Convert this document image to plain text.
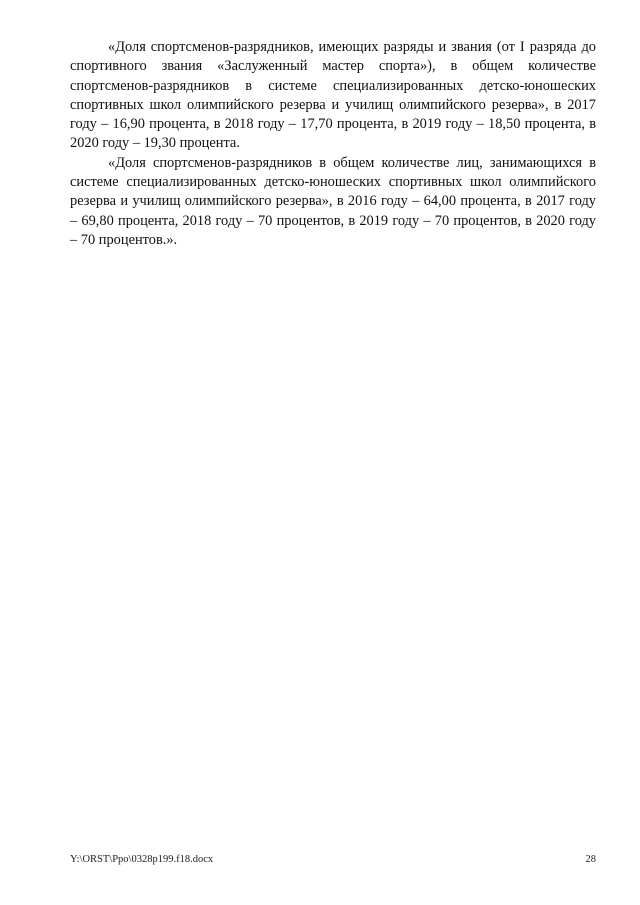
«Доля спортсменов-разрядников, имеющих разряды и звания (от I разряда до спортивного звания «Заслуженный мастер спорта»), в общем количестве спортсменов-разрядников в системе специализированных детско-юношеских спортивных школ олимпийского резерва и училищ олимпийского резерва», в 2017 году – 16,90 процента, в 2018 году – 17,70 процента, в 2019 году – 18,50 процента, в 2020 году – 19,30 процента.

«Доля спортсменов-разрядников в общем количестве лиц, занимающихся в системе специализированных детско-юношеских спортивных школ олимпийского резерва и училищ олимпийского резерва», в 2016 году – 64,00 процента, в 2017 году – 69,80 процента, 2018 году – 70 процентов, в 2019 году – 70 процентов, в 2020 году – 70 процентов.».

Y:\ORST\Ppo\0328p199.f18.docx	28
